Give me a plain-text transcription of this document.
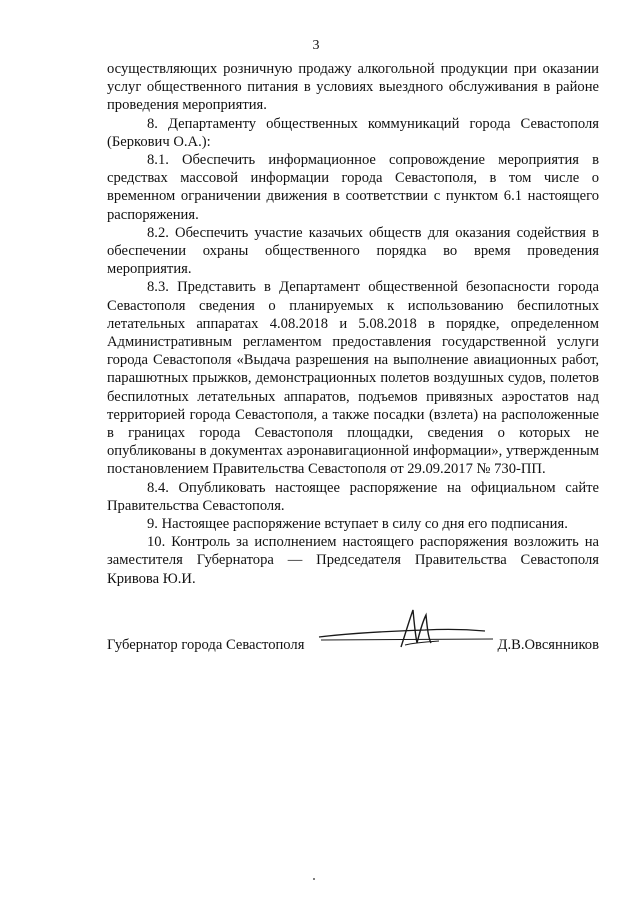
3

осуществляющих розничную продажу алкогольной продукции при оказании услуг общественного питания в условиях выездного обслуживания в районе проведения мероприятия.

8. Департаменту общественных коммуникаций города Севастополя (Беркович О.А.):

8.1. Обеспечить информационное сопровождение мероприятия в средствах массовой информации города Севастополя, в том числе о временном ограничении движения в соответствии с пунктом 6.1 настоящего распоряжения.

8.2. Обеспечить участие казачьих обществ для оказания содействия в обеспечении охраны общественного порядка во время проведения мероприятия.

8.3. Представить в Департамент общественной безопасности города Севастополя сведения о планируемых к использованию беспилотных летательных аппаратах 4.08.2018 и 5.08.2018 в порядке, определенном Административным регламентом предоставления государственной услуги города Севастополя «Выдача разрешения на выполнение авиационных работ, парашютных прыжков, демонстрационных полетов воздушных судов, полетов беспилотных летательных аппаратов, подъемов привязных аэростатов над территорией города Севастополя, а также посадки (взлета) на расположенные в границах города Севастополя площадки, сведения о которых не опубликованы в документах аэронавигационной информации», утвержденным постановлением Правительства Севастополя от 29.09.2017 № 730-ПП.

8.4. Опубликовать настоящее распоряжение на официальном сайте Правительства Севастополя.

9. Настоящее распоряжение вступает в силу со дня его подписания.

10. Контроль за исполнением настоящего распоряжения возложить на заместителя Губернатора — Председателя Правительства Севастополя Кривова Ю.И.

Губернатор города Севастополя	Д.В.Овсянников
